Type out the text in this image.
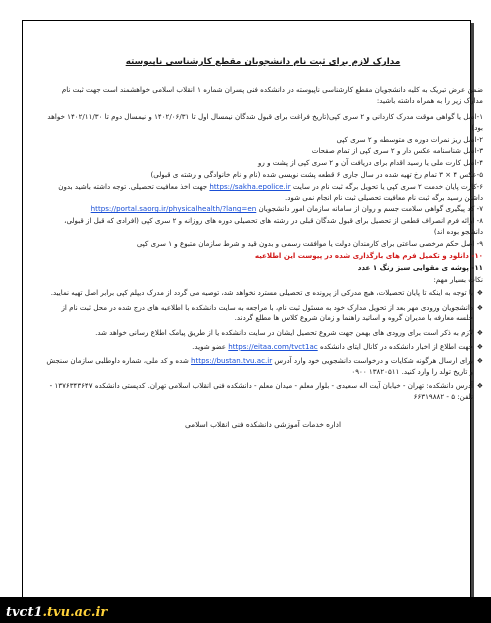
مدارک لازم برای ثبت نام دانشجویان مقطع کارشناسی ناپیوسته
ضمن عرض تبریک به کلیه دانشجویان مقطع کارشناسی ناپیوسته در دانشکده فنی پسران شماره ۱ انقلاب اسلامی خواهشمند است جهت ثبت نام مدارک زیر را به همراه داشته باشید:
۱-اصل یا گواهی موقت مدرک کاردانی و ۲ سری کپی(تاریخ فراغت برای قبول شدگان نیمسال اول تا ۱۴۰۲/۰۶/۳۱ و نیمسال دوم تا ۱۴۰۲/۱۱/۳۰ خواهد بود)
۲-اصل ریز نمرات دوره ی متوسطه و ۲ سری کپی
۳-اصل شناسنامه عکس دار و ۲ سری کپی از تمام صفحات
۴-اصل کارت ملی یا رسید اقدام برای دریافت آن و ۲ سری کپی از پشت و رو
۵-عکس ۴ × ۳ تمام رخ تهیه شده در سال جاری ۶ قطعه پشت نویسی شده (نام و نام خانوادگی و رشته ی قبولی)
۶-کارت پایان خدمت ۲ سری کپی یا تحویل برگه ثبت نام در سایت https://sakha.epolice.ir جهت اخذ معافیت تحصیلی. توجه داشته باشید بدون داشتن رسید برگه ثبت نام معافیت تحصیلی ثبت نام انجام نمی شود.
۷- کد پیگیری گواهی سلامت جسم و روان از سامانه سازمان امور دانشجویان https://portal.saorg.ir/physicalhealth/?lang=en
۸- ارائه فرم انصراف قطعی از تحصیل برای قبول شدگان قبلی در رشته های تحصیلی دوره های روزانه و ۲ سری کپی (افرادی که قبل از قبولی، دانشجو بوده اند)
۹- اصل حکم مرخصی ساعتی برای کارمندان دولت یا موافقت رسمی و بدون قید و شرط سازمان متبوع و ۱ سری کپی
۱۰- دانلود و تکمیل فرم های بارگذاری شده در پیوست این اطلاعیه
۱۱- پوشه ی مقوایی سبز رنگ ۱ عدد
نکات بسیار مهم:
❖
با توجه به اینکه تا پایان تحصیلات، هیچ مدرکی از پرونده ی تحصیلی مسترد نخواهد شد، توصیه می گردد از مدرک دیپلم کپی برابر اصل تهیه نمایید.
❖
دانشجویان ورودی مهر بعد از تحویل مدارک خود به مسئول ثبت نام، با مراجعه به سایت دانشکده با اطلاعیه های درج شده در محل ثبت نام از جلسه معارفه با مدیران گروه و اساتید راهنما و زمان شروع کلاس ها مطلع گردند.
❖
لازم به ذکر است برای ورودی های بهمن جهت شروع تحصیل ایشان در سایت دانشکده یا از طریق پیامک اطلاع رسانی خواهد شد.
❖
جهت اطلاع از اخبار دانشکده در کانال ایتای دانشکده https://eitaa.com/tvct1ac عضو شوید.
❖
برای ارسال هرگونه شکایات و درخواست دانشجویی خود وارد آدرس https://bustan.tvu.ac.ir شده و کد ملی، شماره داوطلبی سازمان سنجش و تاریخ تولد را وارد کنید. ۱۳۸۲۰۵۱۱ ۰۹۰۰
❖
آدرس دانشکده: تهران - خیابان آیت اله سعیدی - بلوار معلم - میدان معلم - دانشکده فنی انقلاب اسلامی تهران. کدپستی دانشکده ۱۳۷۶۳۴۳۶۴۷ - تلفن: ۵ - ۶۶۳۱۹۸۸۲
اداره خدمات آموزشی دانشکده فنی انقلاب اسلامی
tvct1.tvu.ac.ir
